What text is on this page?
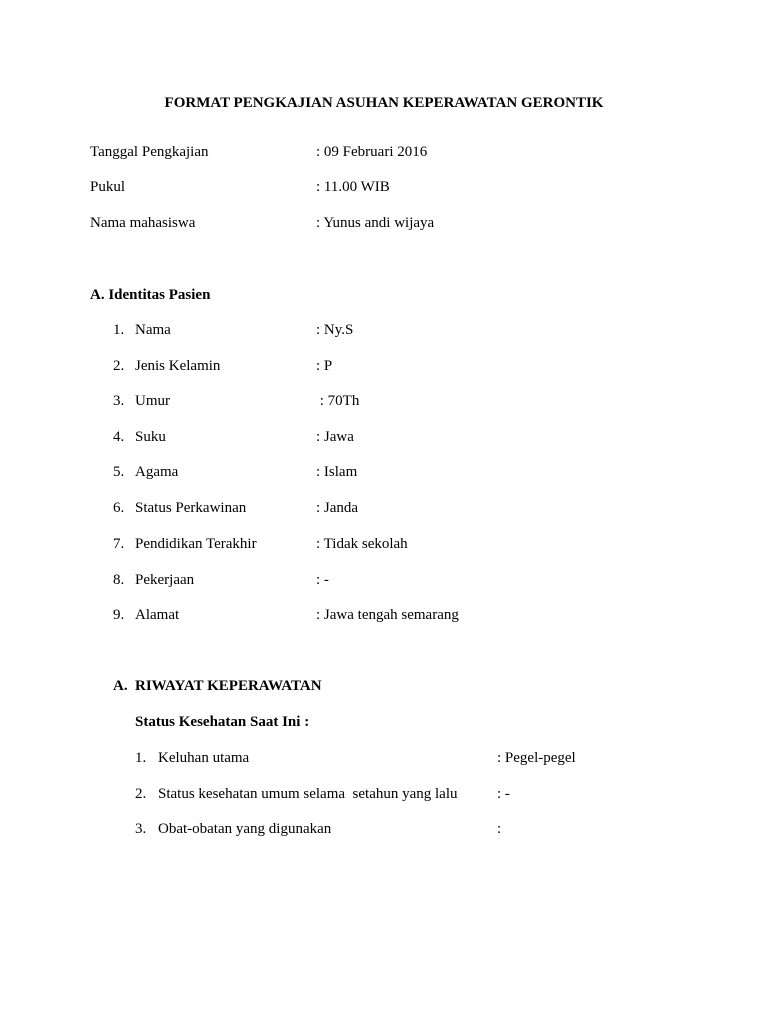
FORMAT PENGKAJIAN ASUHAN KEPERAWATAN GERONTIK
Tanggal Pengkajian	: 09 Februari 2016
Pukul	: 11.00 WIB
Nama mahasiswa	: Yunus andi wijaya
A. Identitas Pasien
1. Nama	: Ny.S
2. Jenis Kelamin	: P
3. Umur	: 70Th
4. Suku	: Jawa
5. Agama	: Islam
6. Status Perkawinan	: Janda
7. Pendidikan Terakhir	: Tidak sekolah
8. Pekerjaan	: -
9. Alamat	: Jawa tengah semarang
A. RIWAYAT KEPERAWATAN
Status Kesehatan Saat Ini :
1. Keluhan utama	: Pegel-pegel
2. Status kesehatan umum selama  setahun yang lalu	: -
3. Obat-obatan yang digunakan	:
